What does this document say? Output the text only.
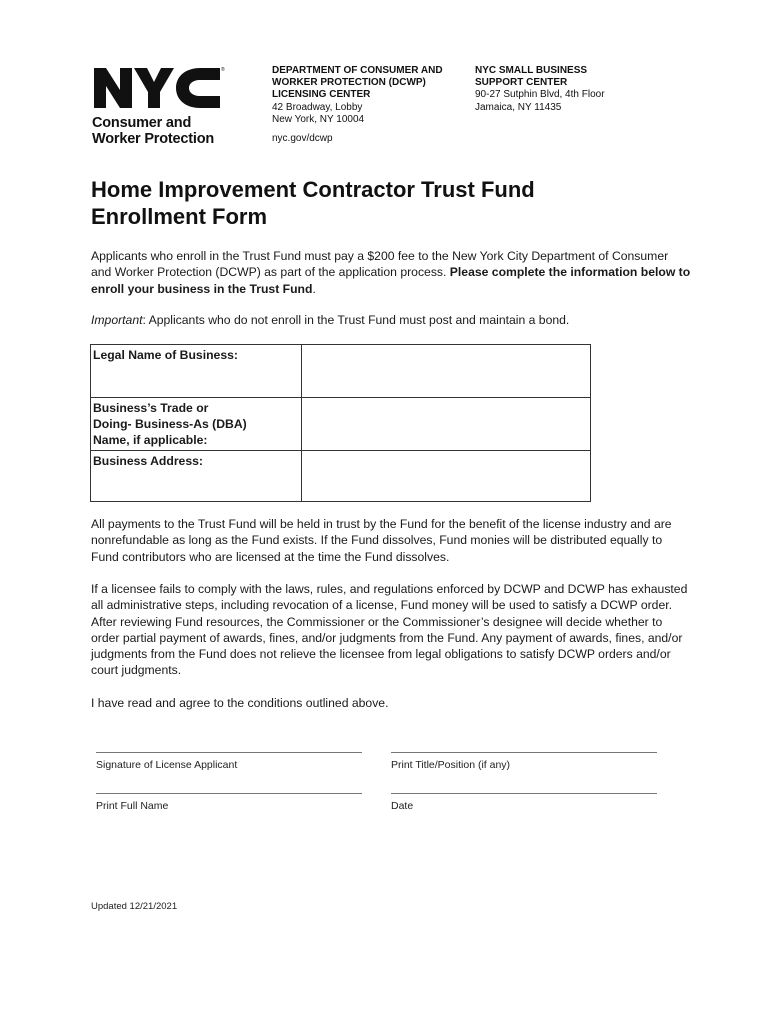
®
Consumer and
Worker Protection
DEPARTMENT OF CONSUMER AND
WORKER PROTECTION (DCWP)
LICENSING CENTER
42 Broadway, Lobby
New York, NY 10004
nyc.gov/dcwp
NYC SMALL BUSINESS
SUPPORT CENTER
90-27 Sutphin Blvd, 4th Floor
Jamaica, NY 11435
Home Improvement Contractor Trust Fund
Enrollment Form
Applicants who enroll in the Trust Fund must pay a $200 fee to the New York City Department of Consumer and Worker Protection (DCWP) as part of the application process. Please complete the information below to enroll your business in the Trust Fund.
Important: Applicants who do not enroll in the Trust Fund must post and maintain a bond.
Legal Name of Business:	

Business’s Trade or
Doing- Business-As (DBA)
Name, if applicable:	

Business Address:	
All payments to the Trust Fund will be held in trust by the Fund for the benefit of the license industry and are nonrefundable as long as the Fund exists. If the Fund dissolves, Fund monies will be distributed equally to Fund contributors who are licensed at the time the Fund dissolves.
If a licensee fails to comply with the laws, rules, and regulations enforced by DCWP and DCWP has exhausted all administrative steps, including revocation of a license, Fund money will be used to satisfy a DCWP order. After reviewing Fund resources, the Commissioner or the Commissioner’s designee will decide whether to order partial payment of awards, fines, and/or judgments from the Fund. Any payment of awards, fines, and/or judgments from the Fund does not relieve the licensee from legal obligations to satisfy DCWP orders and/or court judgments.
I have read and agree to the conditions outlined above.
Signature of License Applicant	Print Title/Position (if any)
Print Full Name	Date
Updated 12/21/2021
